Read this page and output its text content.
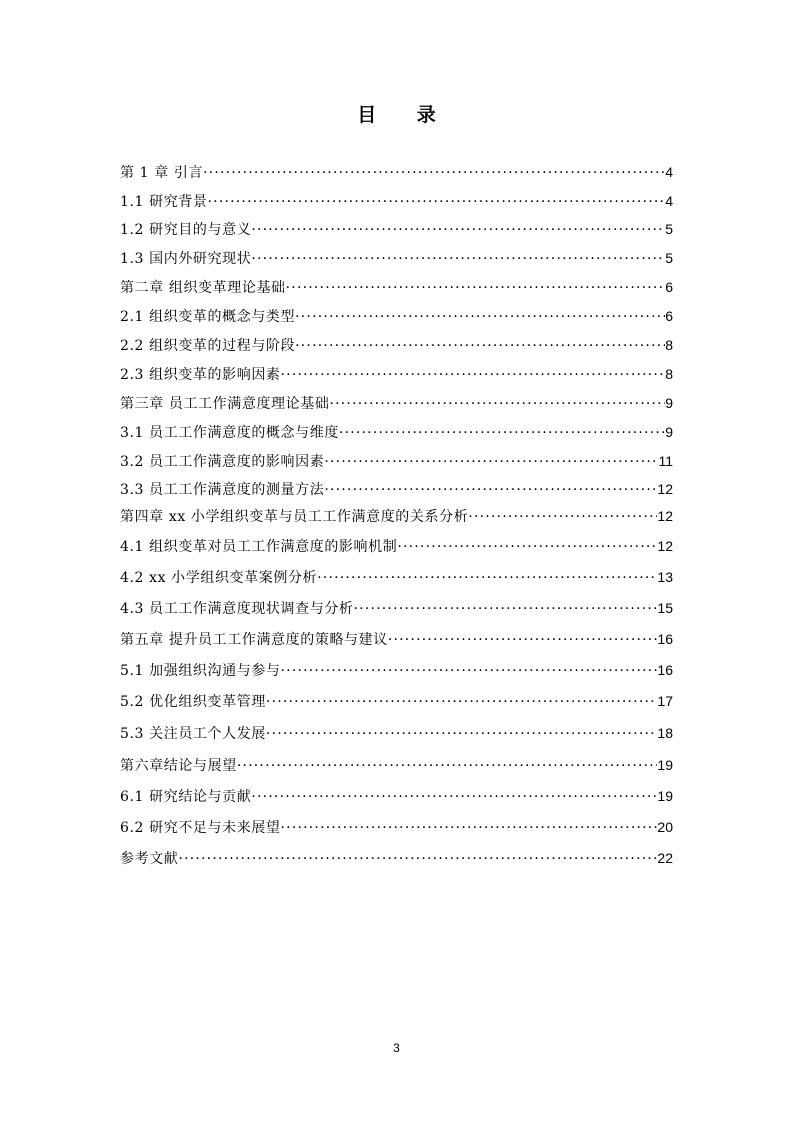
目 录
第 1 章 引言 ·····	4
1.1 研究背景 ·····	4
1.2 研究目的与意义 ·····	5
1.3 国内外研究现状 ·····	5
第二章 组织变革理论基础 ·····	6
2.1 组织变革的概念与类型 ·····	6
2.2 组织变革的过程与阶段 ·····	8
2.3 组织变革的影响因素 ·····	8
第三章 员工工作满意度理论基础 ·····	9
3.1 员工工作满意度的概念与维度 ·····	9
3.2 员工工作满意度的影响因素 ·····	11
3.3 员工工作满意度的测量方法 ·····	12
第四章 xx 小学组织变革与员工工作满意度的关系分析 ·····	12
4.1 组织变革对员工工作满意度的影响机制 ·····	12
4.2 xx 小学组织变革案例分析 ·····	13
4.3 员工工作满意度现状调查与分析 ·····	15
第五章 提升员工工作满意度的策略与建议 ·····	16
5.1 加强组织沟通与参与 ·····	16
5.2 优化组织变革管理 ·····	17
5.3 关注员工个人发展 ·····	18
第六章结论与展望 ·····	19
6.1 研究结论与贡献 ·····	19
6.2 研究不足与未来展望 ·····	20
参考文献 ·····	22
3
